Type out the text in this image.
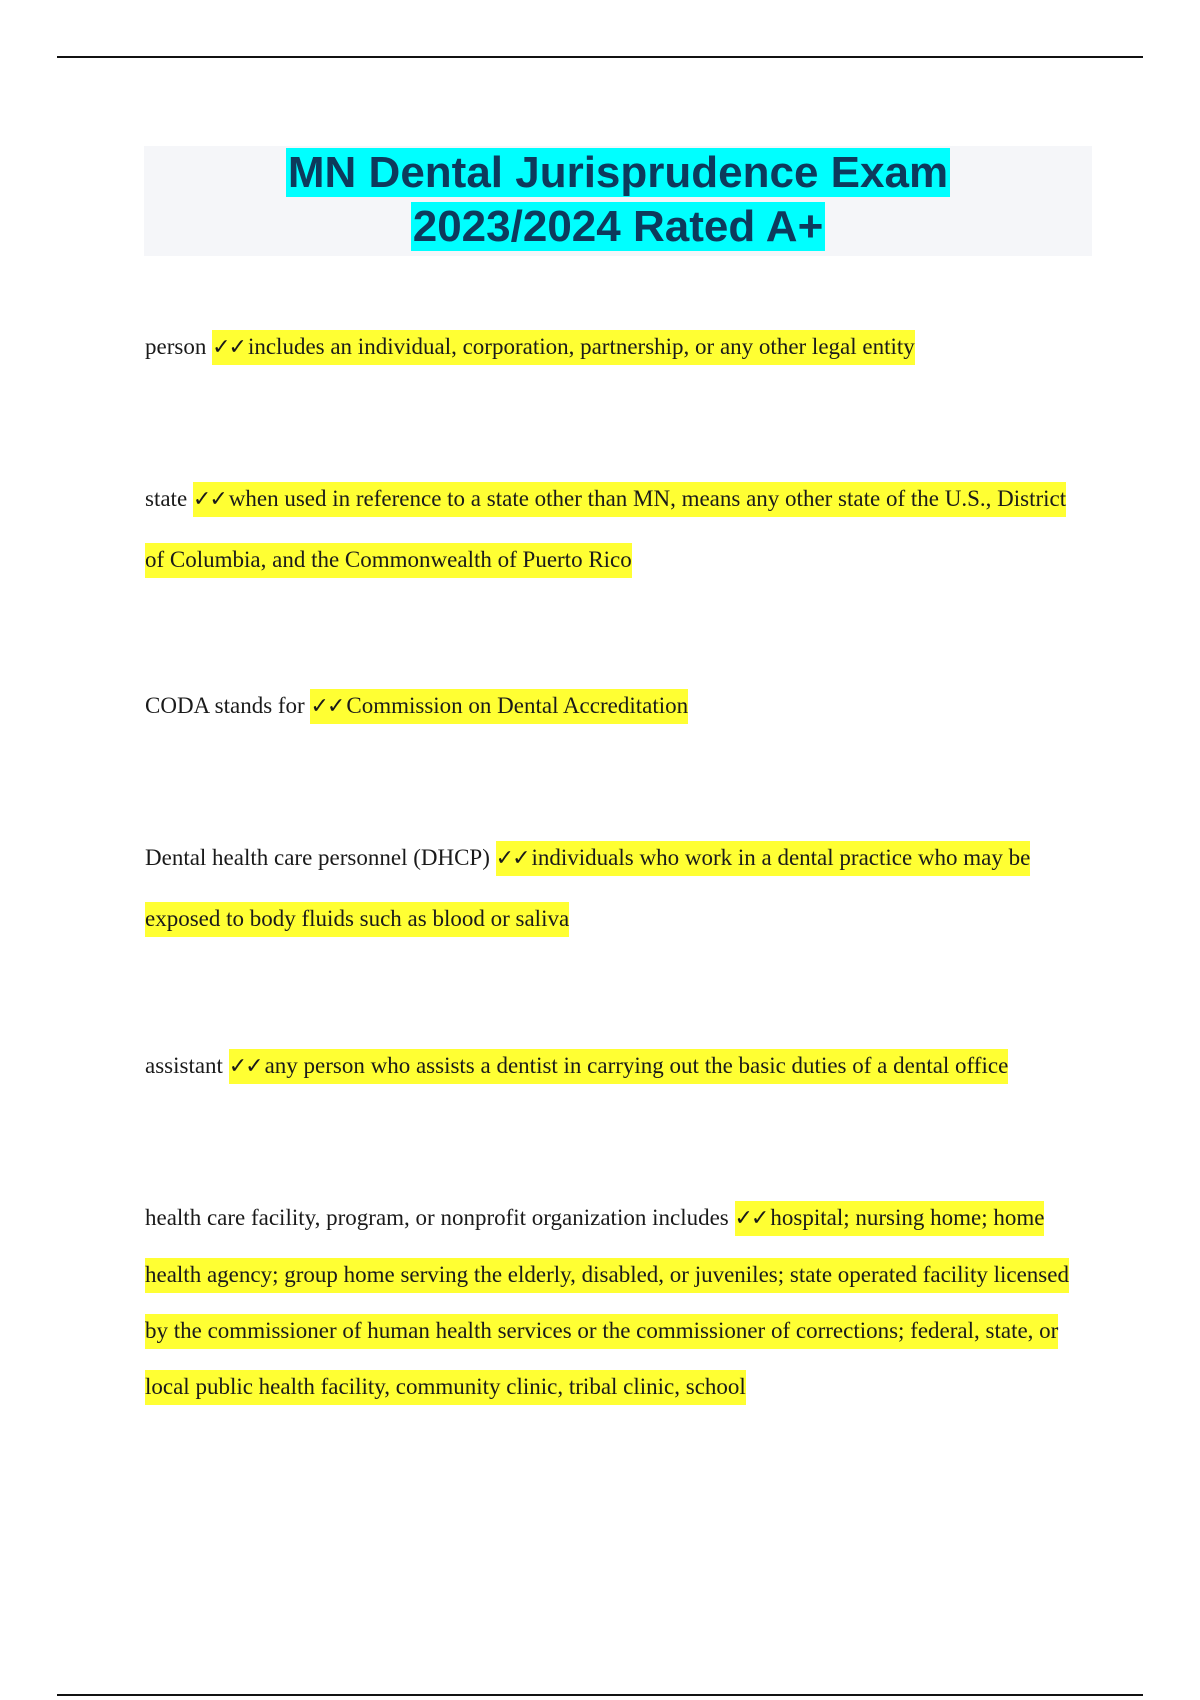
MN Dental Jurisprudence Exam
2023/2024 Rated A+
person ✓✓ includes an individual, corporation, partnership, or any other legal entity
state ✓✓ when used in reference to a state other than MN, means any other state of the U.S., District of Columbia, and the Commonwealth of Puerto Rico
CODA stands for ✓✓ Commission on Dental Accreditation
Dental health care personnel (DHCP) ✓✓ individuals who work in a dental practice who may be exposed to body fluids such as blood or saliva
assistant ✓✓ any person who assists a dentist in carrying out the basic duties of a dental office
health care facility, program, or nonprofit organization includes ✓✓ hospital; nursing home; home health agency; group home serving the elderly, disabled, or juveniles; state operated facility licensed by the commissioner of human health services or the commissioner of corrections; federal, state, or local public health facility, community clinic, tribal clinic, school
